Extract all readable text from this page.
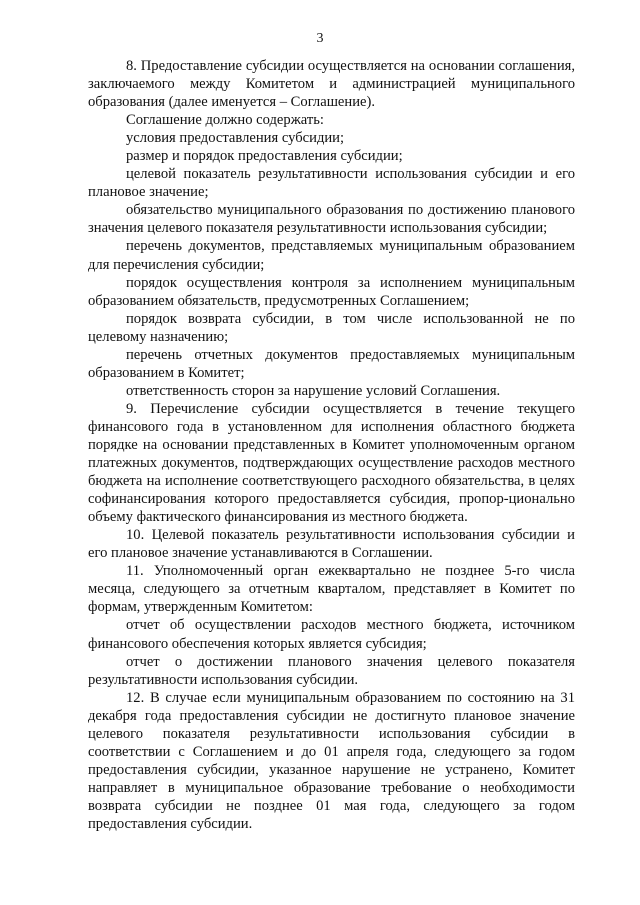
3

8. Предоставление субсидии осуществляется на основании соглашения, заключаемого между Комитетом и администрацией муниципального образования (далее именуется – Соглашение).

Соглашение должно содержать:

условия предоставления субсидии;

размер и порядок предоставления субсидии;

целевой показатель результативности использования субсидии и его плановое значение;

обязательство муниципального образования по достижению планового значения целевого показателя результативности использования субсидии;

перечень документов, представляемых муниципальным образованием для перечисления субсидии;

порядок осуществления контроля за исполнением муниципальным образованием обязательств, предусмотренных Соглашением;

порядок возврата субсидии, в том числе использованной не по целевому назначению;

перечень отчетных документов предоставляемых муниципальным образованием в Комитет;

ответственность сторон за нарушение условий Соглашения.

9. Перечисление субсидии осуществляется в течение текущего финансового года в установленном для исполнения областного бюджета порядке на основании представленных в Комитет уполномоченным органом платежных документов, подтверждающих осуществление расходов местного бюджета на исполнение соответствующего расходного обязательства, в целях софинансирования которого предоставляется субсидия, пропор-ционально объему фактического финансирования из местного бюджета.

10. Целевой показатель результативности использования субсидии и его плановое значение устанавливаются в Соглашении.

11. Уполномоченный орган ежеквартально не позднее 5-го числа месяца, следующего за отчетным кварталом, представляет в Комитет по формам, утвержденным Комитетом:

отчет об осуществлении расходов местного бюджета, источником финансового обеспечения которых является субсидия;

отчет о достижении планового значения целевого показателя результативности использования субсидии.

12. В случае если муниципальным образованием по состоянию на 31 декабря года предоставления субсидии не достигнуто плановое значение целевого показателя результативности использования субсидии в соответствии с Соглашением и до 01 апреля года, следующего за годом предоставления субсидии, указанное нарушение не устранено, Комитет направляет в муниципальное образование требование о необходимости возврата субсидии не позднее 01 мая года, следующего за годом предоставления субсидии.
